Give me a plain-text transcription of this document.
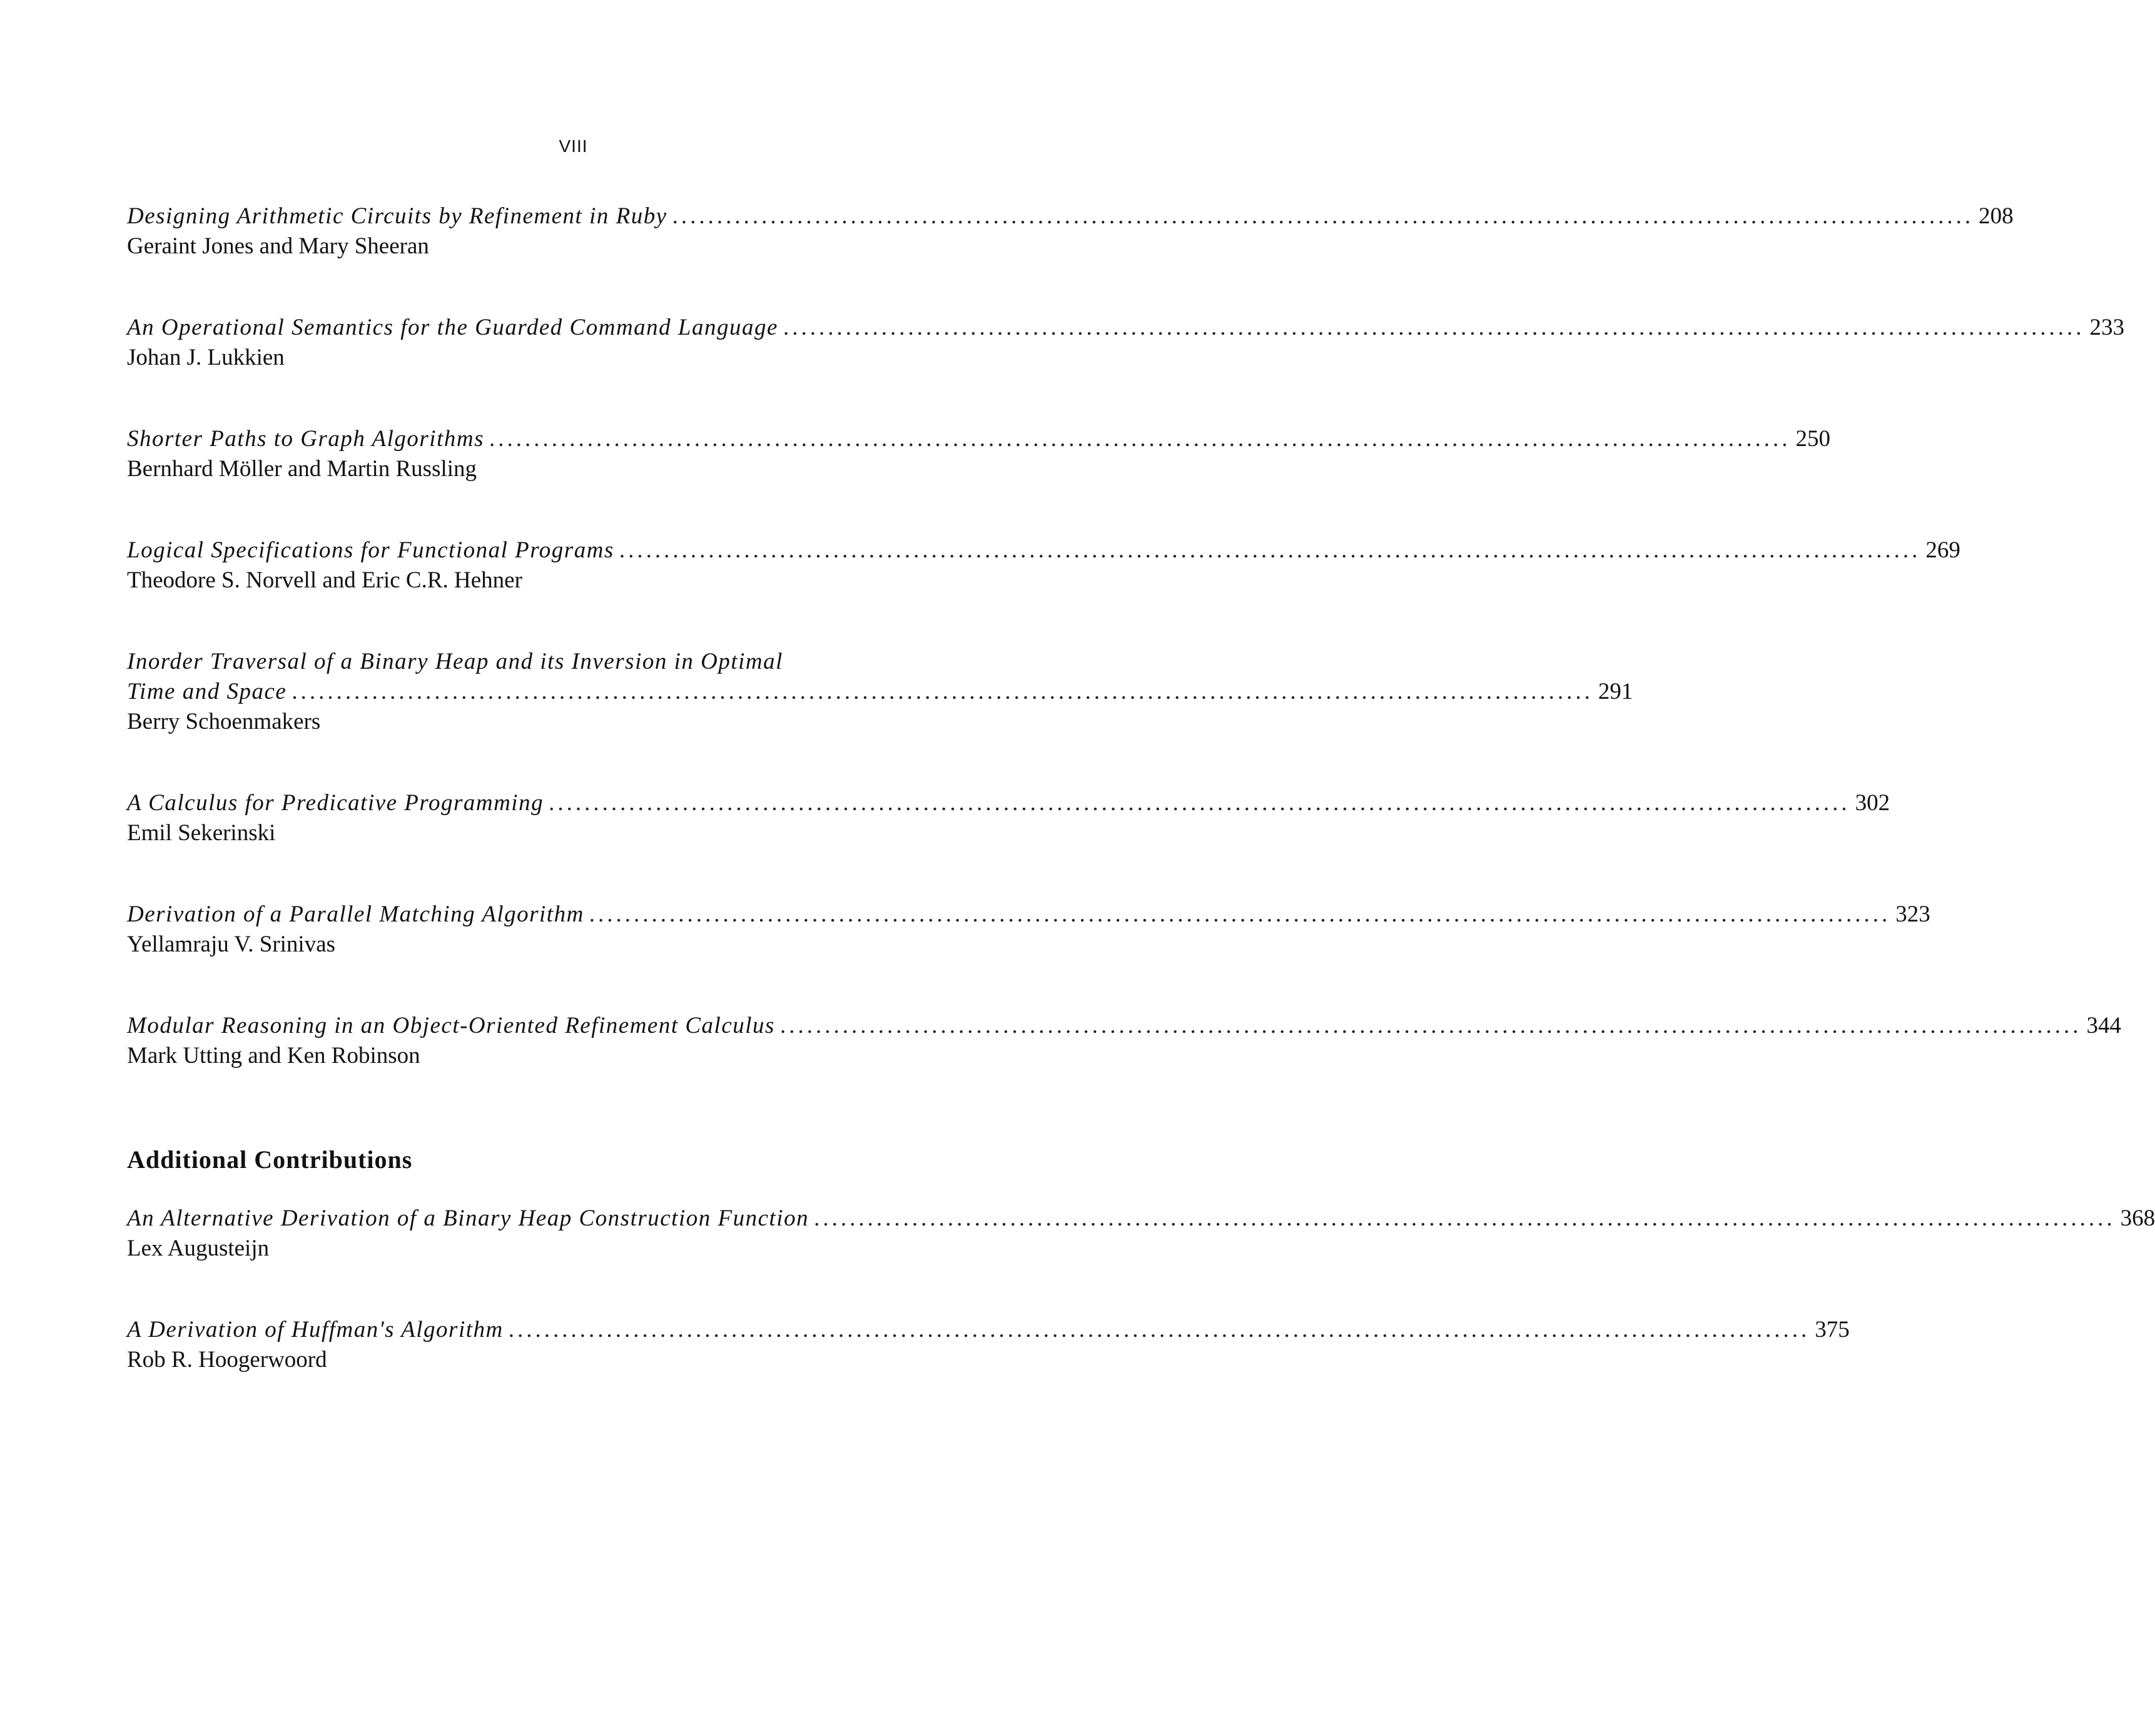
VIII
Designing Arithmetic Circuits by Refinement in Ruby .................................................................................................................................................. 208
Geraint Jones and Mary Sheeran
An Operational Semantics for the Guarded Command Language .................................................................................................................................................. 233
Johan J. Lukkien
Shorter Paths to Graph Algorithms .................................................................................................................................................. 250
Bernhard Möller and Martin Russling
Logical Specifications for Functional Programs .................................................................................................................................................. 269
Theodore S. Norvell and Eric C.R. Hehner
Inorder Traversal of a Binary Heap and its Inversion in Optimal
Time and Space .................................................................................................................................................. 291
Berry Schoenmakers
A Calculus for Predicative Programming .................................................................................................................................................. 302
Emil Sekerinski
Derivation of a Parallel Matching Algorithm .................................................................................................................................................. 323
Yellamraju V. Srinivas
Modular Reasoning in an Object-Oriented Refinement Calculus .................................................................................................................................................. 344
Mark Utting and Ken Robinson
Additional Contributions
An Alternative Derivation of a Binary Heap Construction Function .................................................................................................................................................. 368
Lex Augusteijn
A Derivation of Huffman's Algorithm .................................................................................................................................................. 375
Rob R. Hoogerwoord
